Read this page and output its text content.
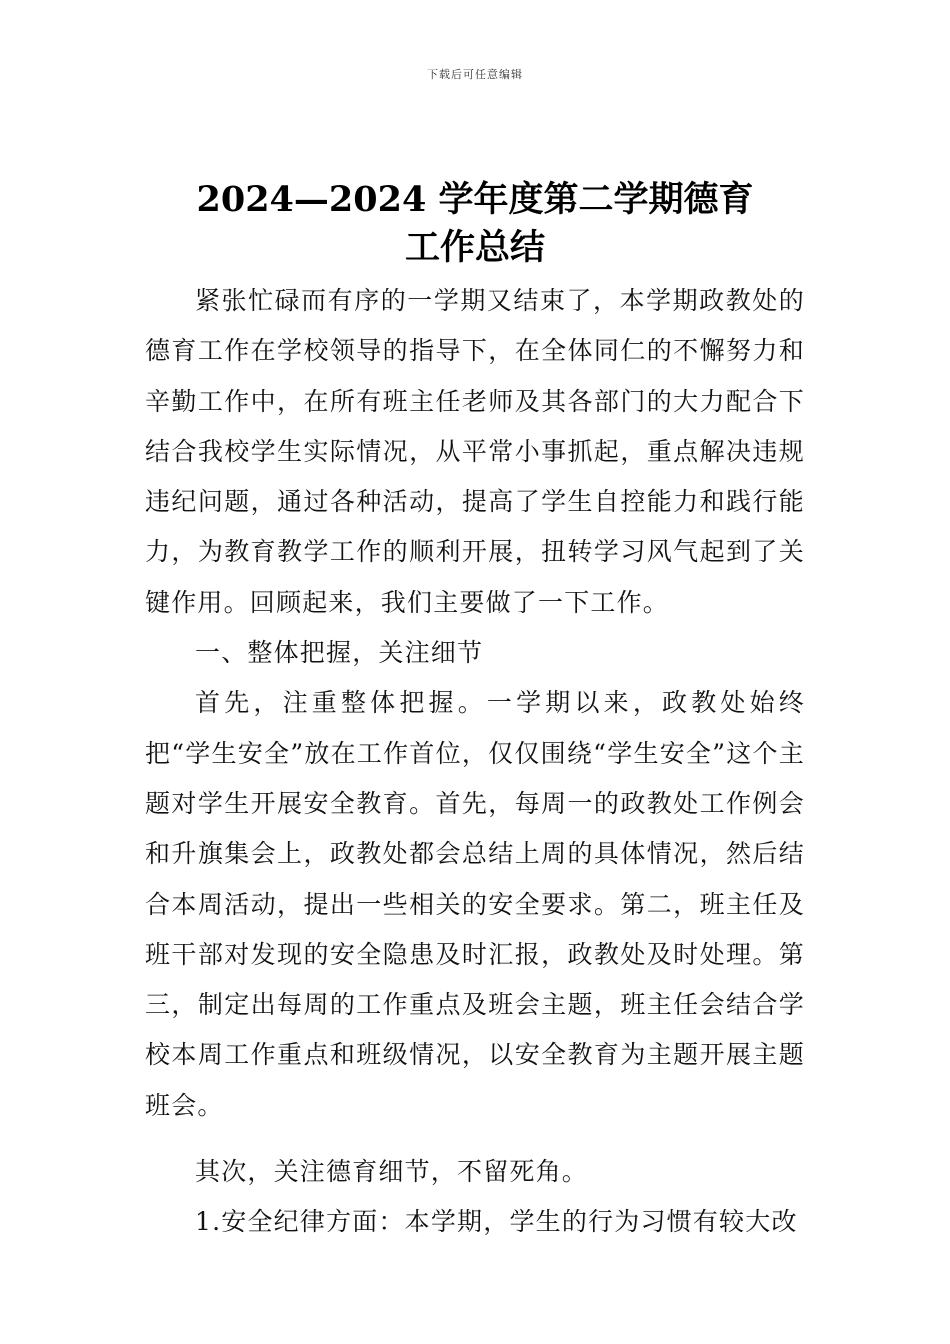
下载后可任意编辑
2024—2024 学年度第二学期德育
工作总结

紧张忙碌而有序的一学期又结束了，本学期政教处的德育工作在学校领导的指导下，在全体同仁的不懈努力和辛勤工作中，在所有班主任老师及其各部门的大力配合下结合我校学生实际情况，从平常小事抓起，重点解决违规违纪问题，通过各种活动，提高了学生自控能力和践行能力，为教育教学工作的顺利开展，扭转学习风气起到了关键作用。回顾起来，我们主要做了一下工作。

一、整体把握，关注细节

首先，注重整体把握。一学期以来，政教处始终把“学生安全”放在工作首位，仅仅围绕“学生安全”这个主题对学生开展安全教育。首先，每周一的政教处工作例会和升旗集会上，政教处都会总结上周的具体情况，然后结合本周活动，提出一些相关的安全要求。第二，班主任及班干部对发现的安全隐患及时汇报，政教处及时处理。第三，制定出每周的工作重点及班会主题，班主任会结合学校本周工作重点和班级情况，以安全教育为主题开展主题班会。

其次，关注德育细节，不留死角。

1.安全纪律方面：本学期，学生的行为习惯有较大改
